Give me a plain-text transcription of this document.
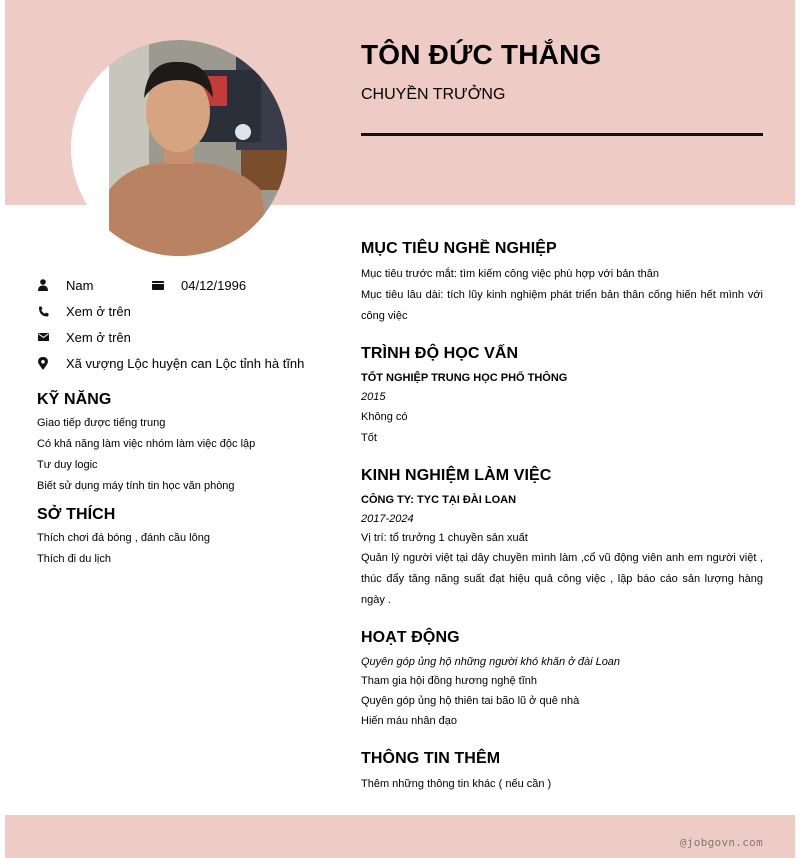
TÔN ĐỨC THẮNG
CHUYỀN TRƯỞNG
Nam	04/12/1996
Xem ở trên
Xem ở trên
Xã vượng Lộc huyện can Lộc tỉnh hà tĩnh
KỸ NĂNG
Giao tiếp được tiếng trung
Có khả năng làm việc nhóm làm việc độc lập
Tư duy logic
Biết sử dụng máy tính tin học văn phòng
SỞ THÍCH
Thích chơi đá bóng , đánh cầu lông
Thích đi du lịch
MỤC TIÊU NGHỀ NGHIỆP
Mục tiêu trước mắt: tìm kiếm công việc phù hợp với bản thân
Mục tiêu lâu dài: tích lũy kinh nghiệm phát triển bản thân cống hiến hết mình với công việc
TRÌNH ĐỘ HỌC VẤN
TỐT NGHIỆP TRUNG HỌC PHỔ THÔNG
2015
Không có
Tốt
KINH NGHIỆM LÀM VIỆC
CÔNG TY: TYC TẠI ĐÀI LOAN
2017-2024
Vị trí: tổ trưởng 1 chuyền sản xuất
Quản lý người việt tại dây chuyền mình làm ,cổ vũ động viên anh em người việt , thúc đẩy tăng năng suất đạt hiệu quả công việc , lập báo cáo sản lượng hàng ngày .
HOẠT ĐỘNG
Quyên góp ủng hộ những người khó khăn ở đài Loan
Tham gia hội đồng hương nghệ tĩnh
Quyên góp ủng hộ thiên tai bão lũ ở quê nhà
Hiến máu nhân đạo
THÔNG TIN THÊM
Thêm những thông tin khác ( nếu cần )
@jobgovn.com
